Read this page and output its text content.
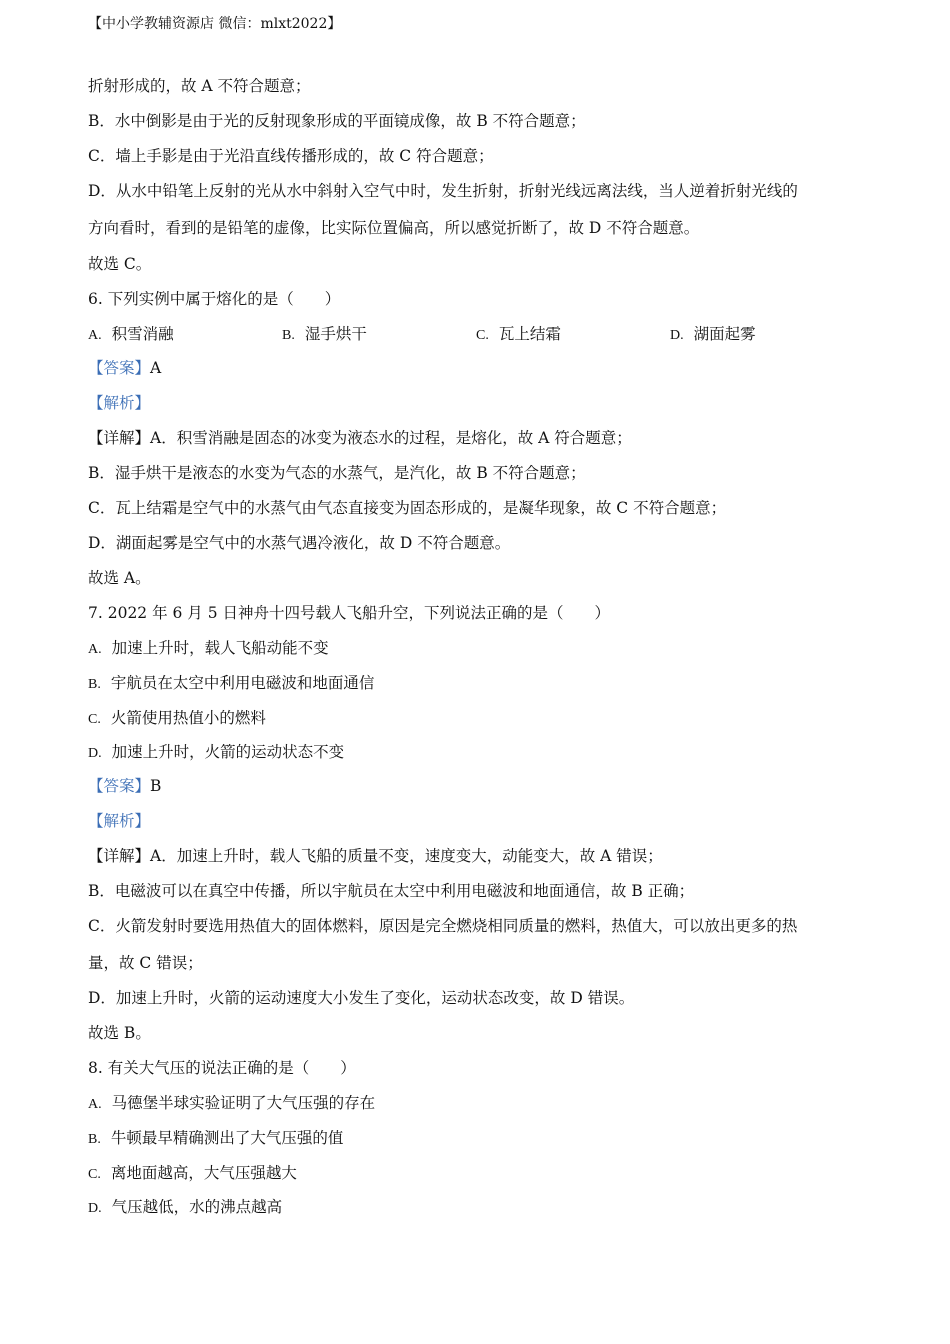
【中小学教辅资源店 微信：mlxt2022】
折射形成的，故 A 不符合题意；
B．水中倒影是由于光的反射现象形成的平面镜成像，故 B 不符合题意；
C．墙上手影是由于光沿直线传播形成的，故 C 符合题意；
D．从水中铅笔上反射的光从水中斜射入空气中时，发生折射，折射光线远离法线，当人逆着折射光线的
方向看时，看到的是铅笔的虚像，比实际位置偏高，所以感觉折断了，故 D 不符合题意。
故选 C。
6. 下列实例中属于熔化的是（　　）
A. 积雪消融	B. 湿手烘干	C. 瓦上结霜	D. 湖面起雾
【答案】A
【解析】
【详解】A．积雪消融是固态的冰变为液态水的过程，是熔化，故 A 符合题意；
B．湿手烘干是液态的水变为气态的水蒸气，是汽化，故 B 不符合题意；
C．瓦上结霜是空气中的水蒸气由气态直接变为固态形成的，是凝华现象，故 C 不符合题意；
D．湖面起雾是空气中的水蒸气遇冷液化，故 D 不符合题意。
故选 A。
7. 2022 年 6 月 5 日神舟十四号载人飞船升空，下列说法正确的是（　　）
A. 加速上升时，载人飞船动能不变
B. 宇航员在太空中利用电磁波和地面通信
C. 火箭使用热值小的燃料
D. 加速上升时，火箭的运动状态不变
【答案】B
【解析】
【详解】A．加速上升时，载人飞船的质量不变，速度变大，动能变大，故 A 错误；
B．电磁波可以在真空中传播，所以宇航员在太空中利用电磁波和地面通信，故 B 正确；
C．火箭发射时要选用热值大的固体燃料，原因是完全燃烧相同质量的燃料，热值大，可以放出更多的热
量，故 C 错误；
D．加速上升时，火箭的运动速度大小发生了变化，运动状态改变，故 D 错误。
故选 B。
8. 有关大气压的说法正确的是（　　）
A. 马德堡半球实验证明了大气压强的存在
B. 牛顿最早精确测出了大气压强的值
C. 离地面越高，大气压强越大
D. 气压越低，水的沸点越高
